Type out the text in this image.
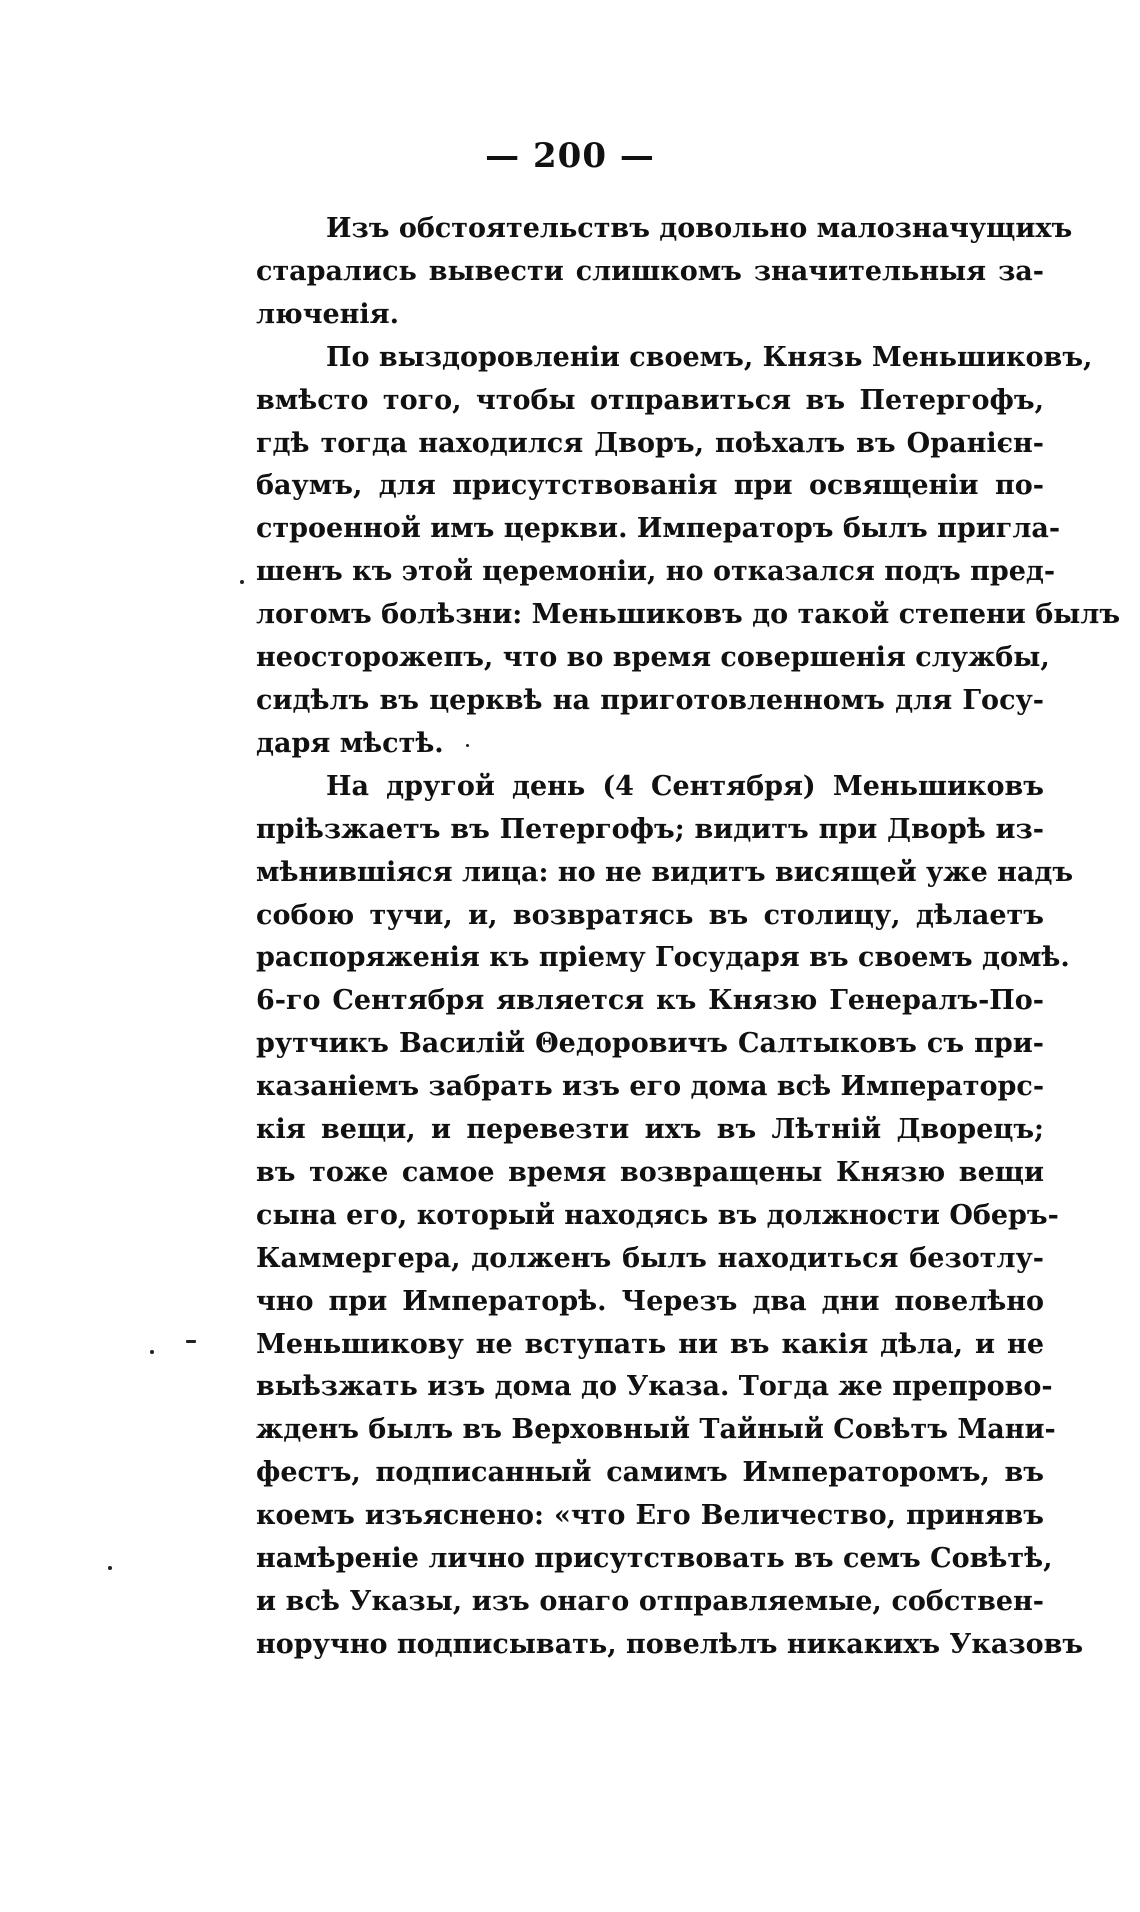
— 200 —
Изъ обстоятельствъ довольно малозначущихъ
старались вывести слишкомъ значительныя за-
люченія.
По выздоровленіи своемъ, Князь Меньшиковъ,
вмѣсто того, чтобы отправиться въ Петергофъ,
гдѣ тогда находился Дворъ, поѣхалъ въ Оранієн-
баумъ, для присутствованія при освященіи по-
строенной имъ церкви. Императоръ былъ пригла-
шенъ къ этой церемоніи, но отказался подъ пред-
логомъ болѣзни: Меньшиковъ до такой степени былъ
неосторожепъ, что во время совершенія службы,
сидѣлъ въ церквѣ на приготовленномъ для Госу-
даря мѣстѣ.
На другой день (4 Сентября) Меньшиковъ
пріѣзжаетъ въ Петергофъ; видитъ при Дворѣ из-
мѣнившіяся лица: но не видитъ висящей уже надъ
собою тучи, и, возвратясь въ столицу, дѣлаетъ
распоряженія къ пріему Государя въ своемъ домѣ.
6-го Сентября является къ Князю Генералъ-По-
рутчикъ Василій Θедоровичъ Салтыковъ съ при-
казаніемъ забрать изъ его дома всѣ Императорс-
кія вещи, и перевезти ихъ въ Лѣтній Дворецъ;
въ тоже самое время возвращены Князю вещи
сына его, который находясь въ должности Оберъ-
Каммергера, долженъ былъ находиться безотлу-
чно при Императорѣ. Черезъ два дни повелѣно
Меньшикову не вступать ни въ какія дѣла, и не
выѣзжать изъ дома до Указа. Тогда же препрово-
жденъ былъ въ Верховный Тайный Совѣтъ Мани-
фестъ, подписанный самимъ Императоромъ, въ
коемъ изъяснено: «что Его Величество, принявъ
намѣреніе лично присутствовать въ семъ Совѣтѣ,
и всѣ Указы, изъ онаго отправляемые, собствен-
норучно подписывать, повелѣлъ никакихъ Указовъ
